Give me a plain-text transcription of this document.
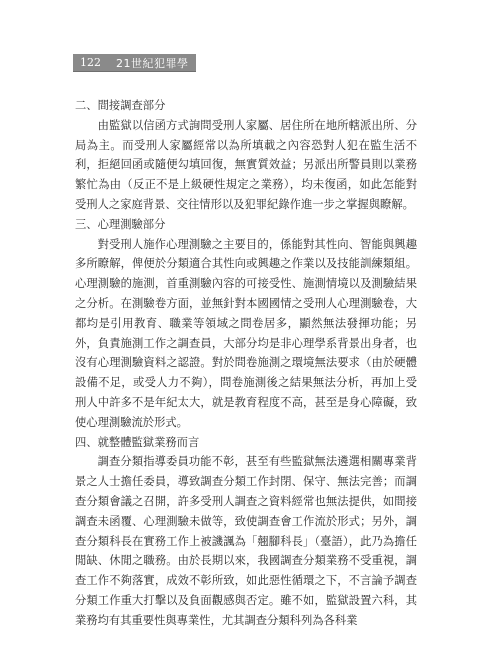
122	21世紀犯罪學

二、間接調查部分

由監獄以信函方式詢問受刑人家屬、居住所在地所轄派出所、分局為主。而受刑人家屬經常以為所填載之內容恐對人犯在監生活不利，拒絕回函或隨便勾填回復，無實質效益；另派出所警員則以業務繁忙為由（反正不是上級硬性規定之業務），均未復函，如此怎能對受刑人之家庭背景、交往情形以及犯罪紀錄作進一步之掌握與瞭解。

三、心理測驗部分

對受刑人施作心理測驗之主要目的，係能對其性向、智能與興趣多所瞭解，俾便於分類適合其性向或興趣之作業以及技能訓練類組。心理測驗的施測，首重測驗內容的可接受性、施測情境以及測驗結果之分析。在測驗卷方面，並無針對本國國情之受刑人心理測驗卷，大都均是引用教育、職業等領域之問卷居多，顯然無法發揮功能；另外，負責施測工作之調查員，大部分均是非心理學系背景出身者，也沒有心理測驗資料之認證。對於問卷施測之環境無法要求（由於硬體設備不足，或受人力不夠），問卷施測後之結果無法分析，再加上受刑人中許多不是年紀太大，就是教育程度不高，甚至是身心障礙，致使心理測驗流於形式。

四、就整體監獄業務而言

調查分類指導委員功能不彰，甚至有些監獄無法遴選相關專業背景之人士擔任委員，導致調查分類工作封閉、保守、無法完善；而調查分類會議之召開，許多受刑人調查之資料經常也無法提供，如間接調查未函覆、心理測驗未做等，致使調查會工作流於形式；另外，調查分類科長在實務工作上被譏諷為「翹腳科長」（臺語），此乃為擔任閒缺、休閒之職務。由於長期以來，我國調查分類業務不受重視，調查工作不夠落實，成效不彰所致，如此惡性循環之下，不言論予調查分類工作重大打擊以及負面觀感與否定。雖不如，監獄設置六科，其業務均有其重要性與專業性，尤其調查分類科列為各科業
